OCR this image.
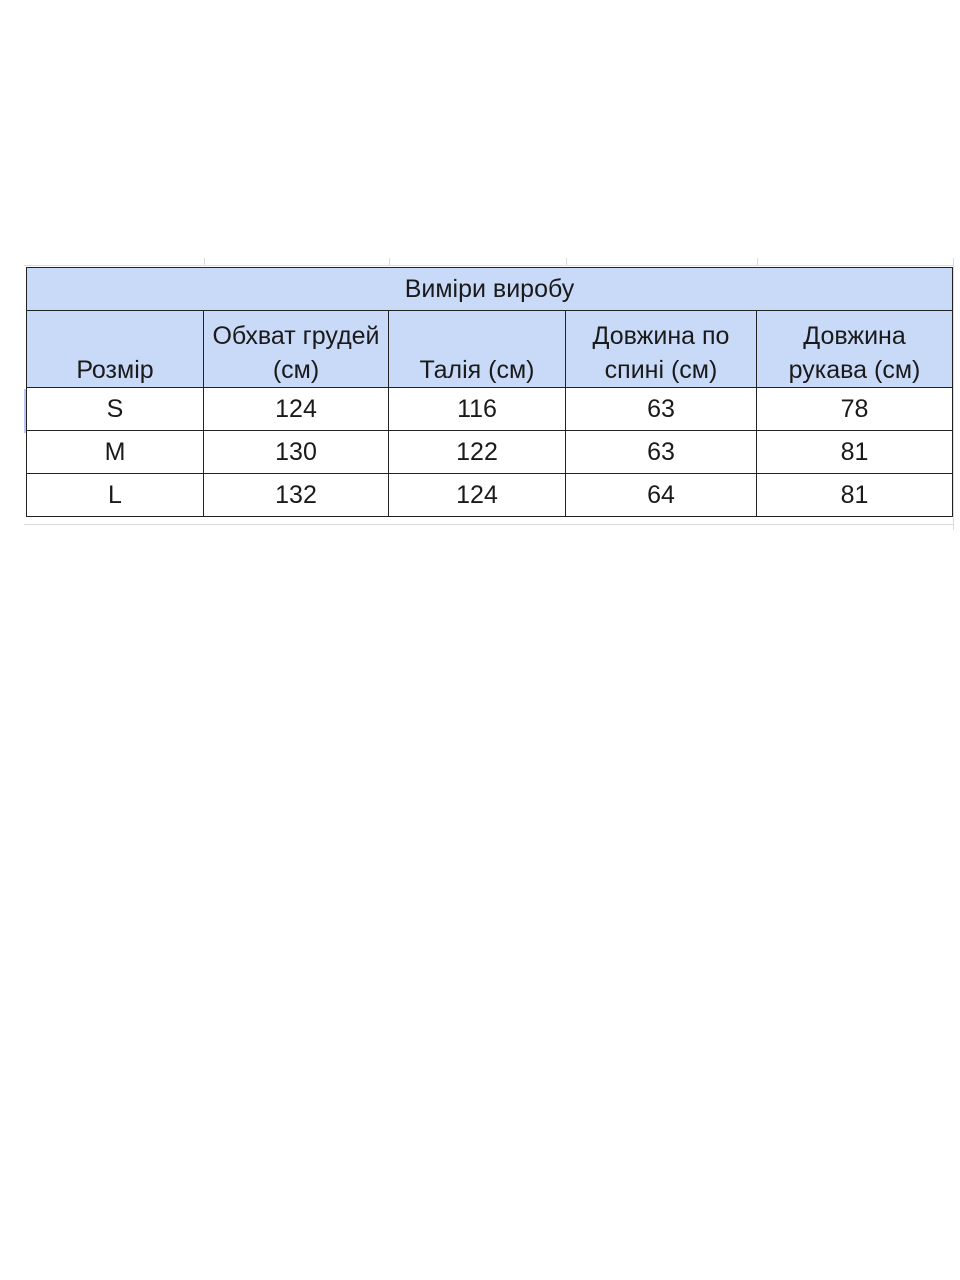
Виміри виробу				
Розмір	Обхват грудей (см)	Талія (см)	Довжина по спині (см)	Довжина рукава (см)
S	124	116	63	78
M	130	122	63	81
L	132	124	64	81
